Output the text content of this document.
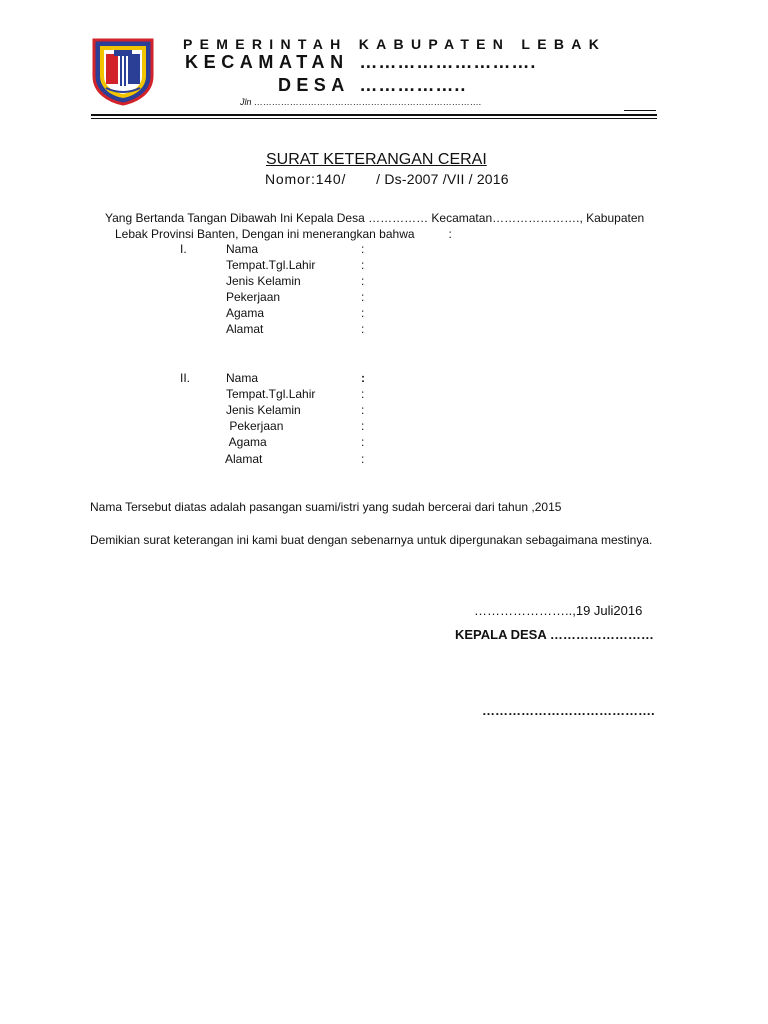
PEMERINTAH KABUPATEN LEBAK
KECAMATAN ……………………….
DESA ……………..
Jln ………………………………………………………………….
SURAT KETERANGAN CERAI
Nomor:140/ / Ds-2007 /VII / 2016
Yang Bertanda Tangan Dibawah Ini Kepala Desa …………… Kecamatan…………………., Kabupaten
Lebak Provinsi Banten, Dengan ini menerangkan bahwa	:
I.	Nama	:
Tempat.Tgl.Lahir	:
Jenis Kelamin	:
Pekerjaan	:
Agama	:
Alamat	:
II.	Nama	:
Tempat.Tgl.Lahir	:
Jenis Kelamin	:
Pekerjaan	:
Agama	:
Alamat	:
Nama Tersebut diatas adalah pasangan suami/istri yang sudah bercerai dari tahun ,2015
Demikian surat keterangan ini kami buat dengan sebenarnya untuk dipergunakan sebagaimana mestinya.
…………………..,19 Juli2016
KEPALA DESA ……………………
………………………………….
